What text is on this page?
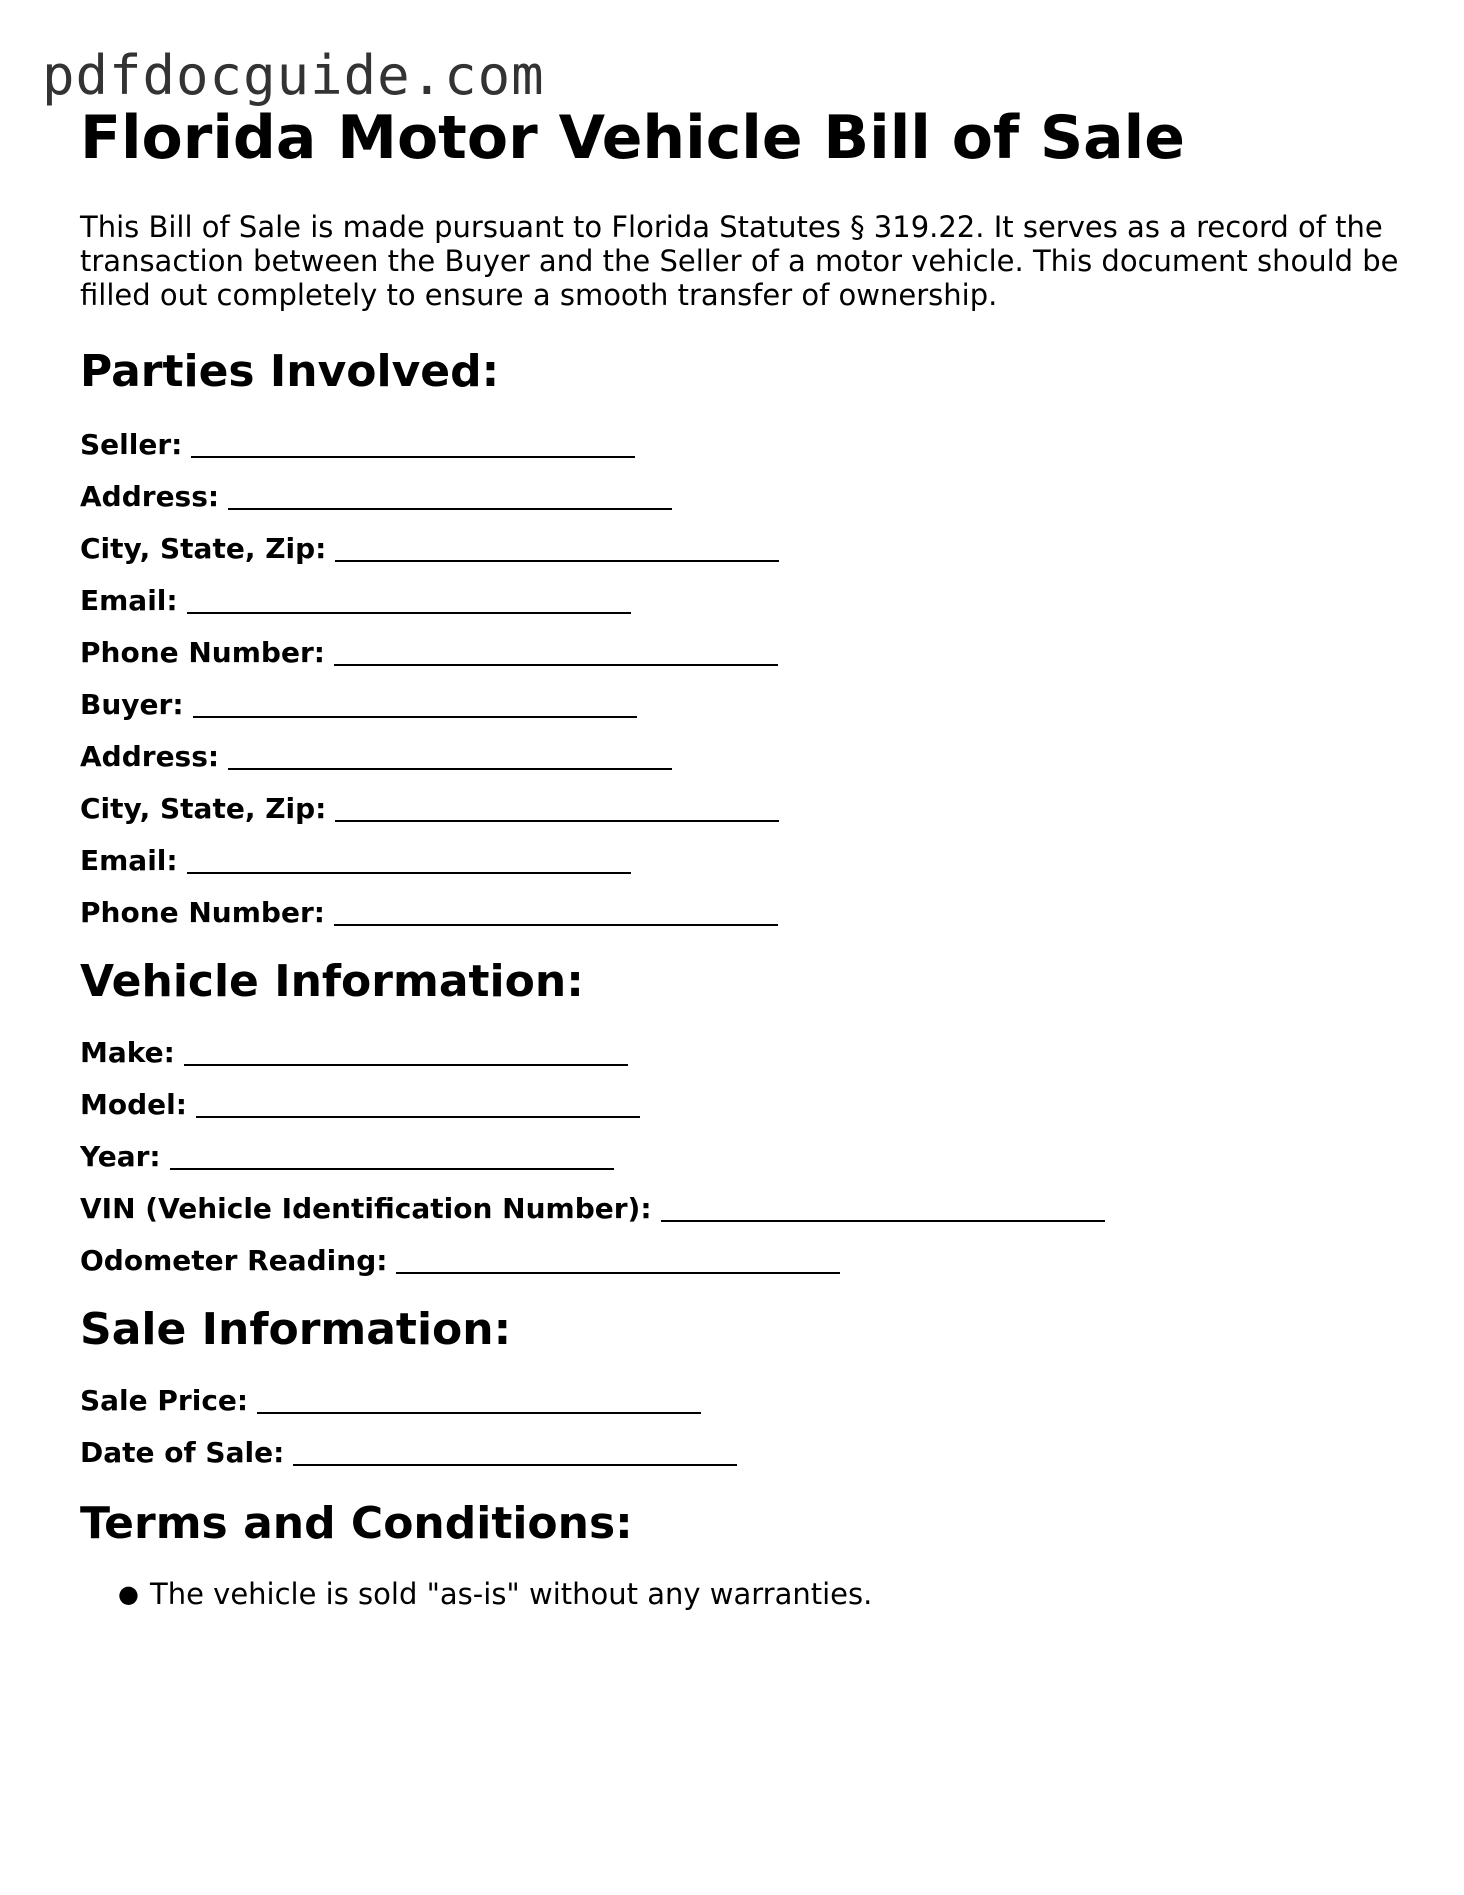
pdfdocguide.com
Florida Motor Vehicle Bill of Sale

This Bill of Sale is made pursuant to Florida Statutes § 319.22. It serves as a record of the transaction between the Buyer and the Seller of a motor vehicle. This document should be filled out completely to ensure a smooth transfer of ownership.

Parties Involved:
Seller:
Address:
City, State, Zip:
Email:
Phone Number:
Buyer:
Address:
City, State, Zip:
Email:
Phone Number:
Vehicle Information:
Make:
Model:
Year:
VIN (Vehicle Identification Number):
Odometer Reading:
Sale Information:
Sale Price:
Date of Sale:
Terms and Conditions:
● The vehicle is sold "as-is" without any warranties.
